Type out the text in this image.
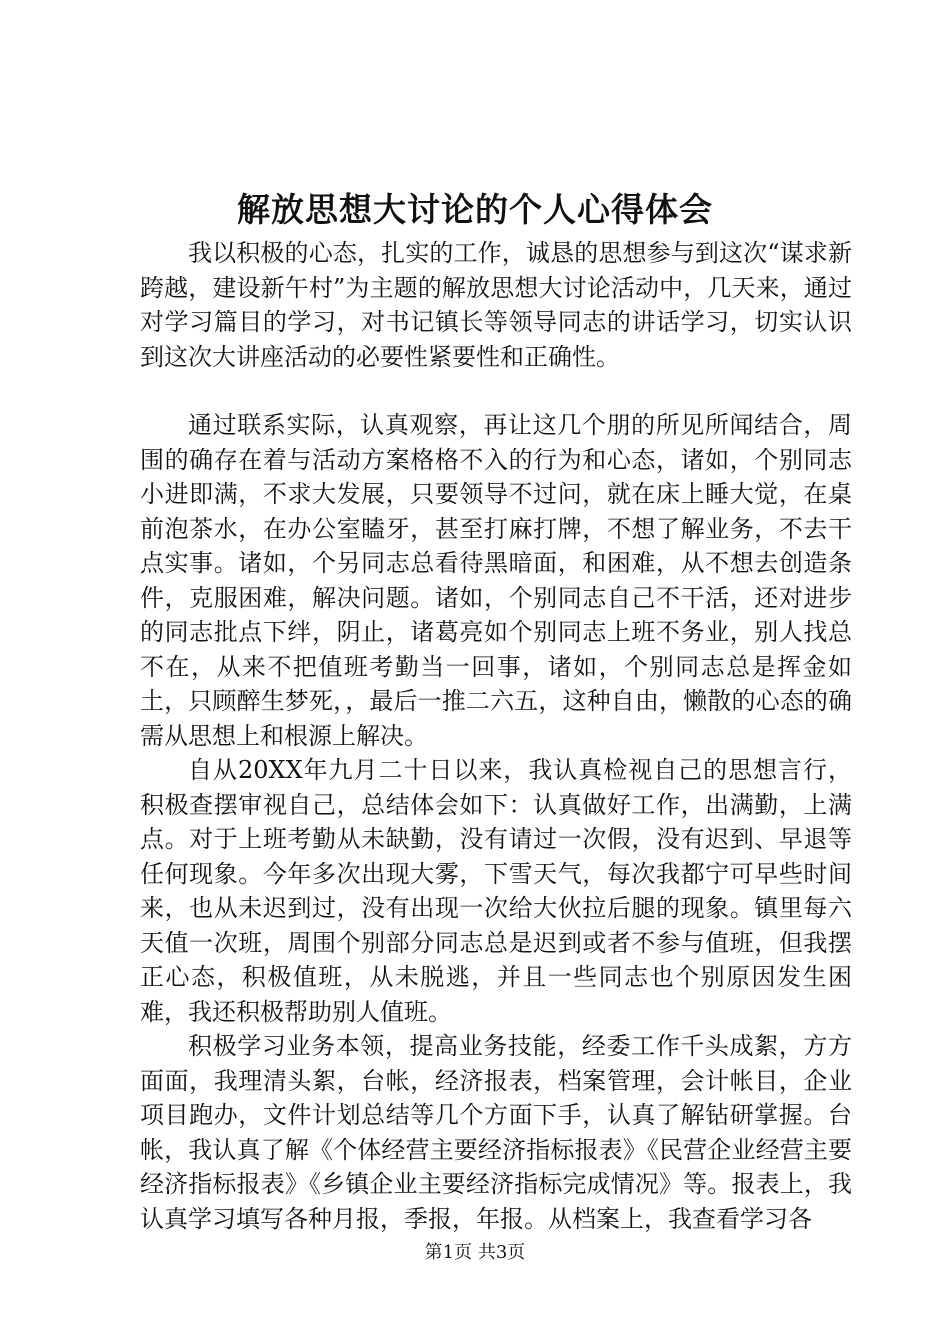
解放思想大讨论的个人心得体会

我以积极的心态，扎实的工作，诚恳的思想参与到这次“谋求新跨越，建设新午村”为主题的解放思想大讨论活动中，几天来，通过对学习篇目的学习，对书记镇长等领导同志的讲话学习，切实认识到这次大讲座活动的必要性紧要性和正确性。

通过联系实际，认真观察，再让这几个朋的所见所闻结合，周围的确存在着与活动方案格格不入的行为和心态，诸如，个别同志小进即满，不求大发展，只要领导不过问，就在床上睡大觉，在桌前泡茶水，在办公室瞌牙，甚至打麻打牌，不想了解业务，不去干点实事。诸如，个另同志总看待黑暗面，和困难，从不想去创造条件，克服困难，解决问题。诸如，个别同志自己不干活，还对进步的同志批点下绊，阴止，诸葛亮如个别同志上班不务业，别人找总不在，从来不把值班考勤当一回事，诸如，个别同志总是挥金如土，只顾醉生梦死，，最后一推二六五，这种自由，懒散的心态的确需从思想上和根源上解决。

自从20XX年九月二十日以来，我认真检视自己的思想言行，积极查摆审视自己，总结体会如下：认真做好工作，出满勤，上满点。对于上班考勤从未缺勤，没有请过一次假，没有迟到、早退等任何现象。今年多次出现大雾，下雪天气，每次我都宁可早些时间来，也从未迟到过，没有出现一次给大伙拉后腿的现象。镇里每六天值一次班，周围个别部分同志总是迟到或者不参与值班，但我摆正心态，积极值班，从未脱逃，并且一些同志也个别原因发生困难，我还积极帮助别人值班。

积极学习业务本领，提高业务技能，经委工作千头成絮，方方面面，我理清头絮，台帐，经济报表，档案管理，会计帐目，企业项目跑办，文件计划总结等几个方面下手，认真了解钻研掌握。台帐，我认真了解《个体经营主要经济指标报表》《民营企业经营主要经济指标报表》《乡镇企业主要经济指标完成情况》等。报表上，我认真学习填写各种月报，季报，年报。从档案上，我查看学习各

第1页 共3页
